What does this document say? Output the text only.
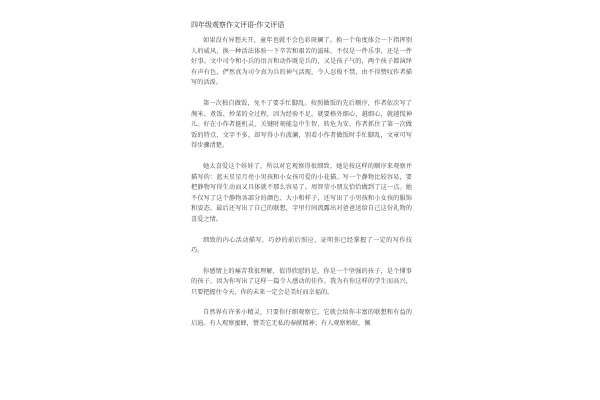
四年级观察作文评语-作文评语

如果没有异想天开，童年也就不会色彩斑斓了。换一个角度体会一下指挥别人的威风，换一种活法体验一下辛苦和艰苦的滋味，不仅是一件乐事，还是一件好事。文中司令和小兵的语言和动作既是兵的，又是孩子气的，两个孩子都演绎有声有色，俨然真为司令真为兵的神气活现，令人忍俊不禁，由不得赞叹作者描写的活泼。

第一次独自做饭，免不了要手忙脚乱。按照做饭的先后顺序，作者依次写了淘米、煮饭、炒菜的全过程，因为经验不足，就要格外细心，越细心，就越慌神儿。好在小作者挺机灵，关键时刻能急中生智，转危为安。作者抓住了第一次做饭的特点，文字不多，却写得小有波澜，别看小作者做饭时手忙脚乱，文章可写得步骤清楚。

她太喜爱这个娃娃了，所以对它观察得很细致。她是按这样的顺序来观察并描写的：蓝天星星月亮小男孩和小女孩可爱的小花猫。写一个静物比较容易，要把静物写得生动而又具体就不那么容易了。周智莹小朋友恰恰做到了这一点。她不仅写了这个静物各部分的颜色、大小和样子，还写出了小男孩和小女孩的服饰和姿态，最后还写出了自己的联想，字里行间流露出对爸爸送给自己这份礼物的喜爱之情。

细致的内心活动描写，巧妙的前后照应，证明你已经掌握了一定的写作技巧。

你感情上的痛苦我很理解，值得欣慰的是，你是一个坚强的孩子，是个懂事的孩子，因为你写出了这样一篇令人感动的佳作。我为有你这样的学生而高兴，只要把握住今天，你的未来一定会是美好而幸福的。

自然界有许多小精灵，只要你仔细观察它，它就会给你丰富的联想和有益的启迪。有人观察蜜蜂，赞美它无私的奉献精神；有人观察蚂蚁，佩
